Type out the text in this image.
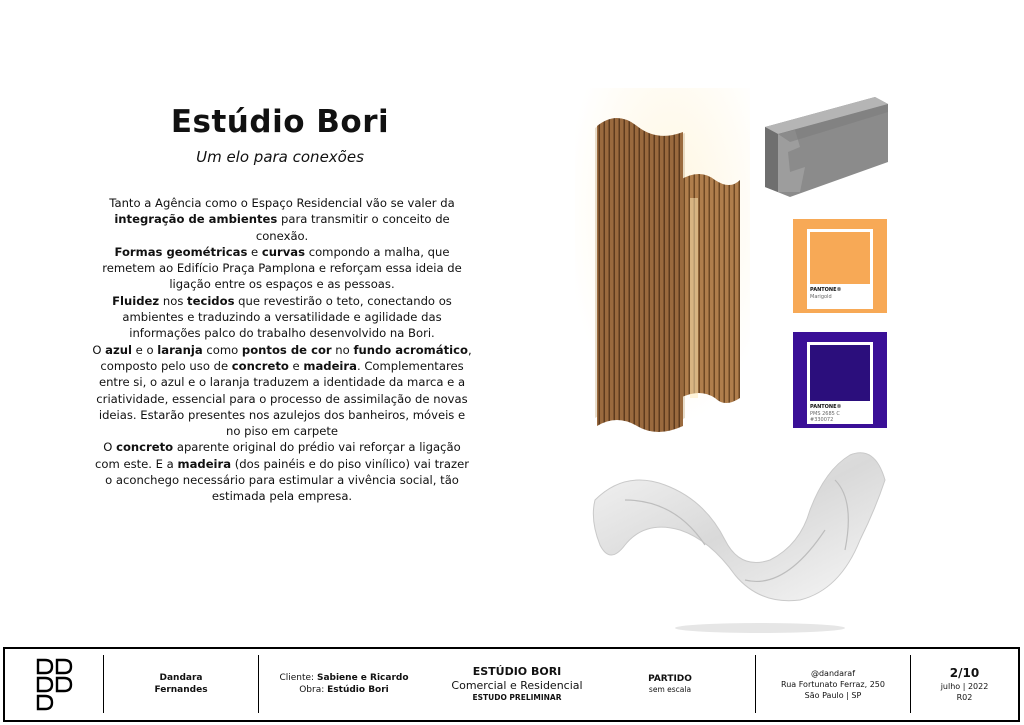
Estúdio Bori
Um elo para conexões

Tanto a Agência como o Espaço Residencial vão se valer da integração de ambientes para transmitir o conceito de conexão.

Formas geométricas e curvas compondo a malha, que remetem ao Edifício Praça Pamplona e reforçam essa ideia de ligação entre os espaços e as pessoas.

Fluidez nos tecidos que revestirão o teto, conectando os ambientes e traduzindo a versatilidade e agilidade das informações palco do trabalho desenvolvido na Bori.

O azul e o laranja como pontos de cor no fundo acromático, composto pelo uso de concreto e madeira. Complementares entre si, o azul e o laranja traduzem a identidade da marca e a criatividade, essencial para o processo de assimilação de novas ideias. Estarão presentes nos azulejos dos banheiros, móveis e no piso em carpete

O concreto aparente original do prédio vai reforçar a ligação com este. E a madeira (dos painéis e do piso vinílico) vai trazer o aconchego necessário para estimular a vivência social, tão estimada pela empresa.

PANTONE®
Marigold
PANTONE®
PMS 2685 C
#330072
Dandara
Fernandes
Cliente: Sabiene e Ricardo
Obra: Estúdio Bori
ESTÚDIO BORI
Comercial e Residencial
ESTUDO PRELIMINAR
PARTIDO
sem escala
@dandaraf
Rua Fortunato Ferraz, 250
São Paulo | SP
2/10
julho | 2022
R02
